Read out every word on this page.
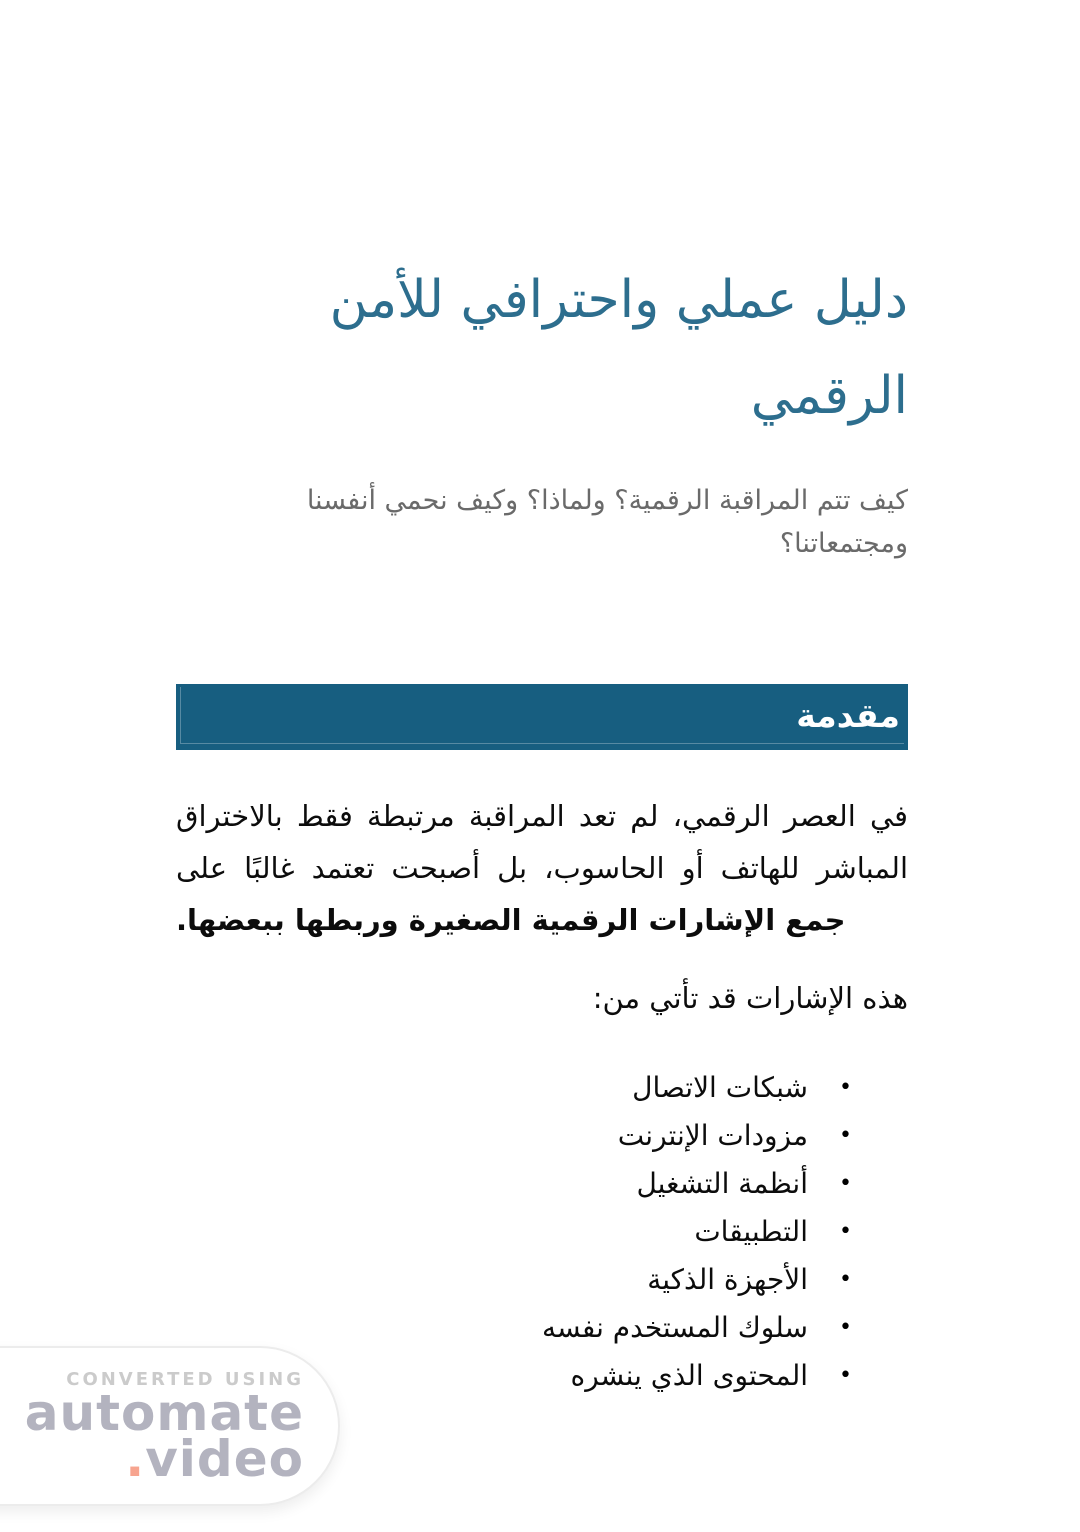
دليل عملي واحترافي للأمن
الرقمي
كيف تتم المراقبة الرقمية؟ ولماذا؟ وكيف نحمي أنفسنا ومجتمعاتنا؟
مقدمة

في العصر الرقمي، لم تعد المراقبة مرتبطة فقط بالاختراق المباشر للهاتف أو الحاسوب، بل أصبحت تعتمد غالبًا على جمع الإشارات الرقمية الصغيرة وربطها ببعضها.

هذه الإشارات قد تأتي من:

•
شبكات الاتصال
•
مزودات الإنترنت
•
أنظمة التشغيل
•
التطبيقات
•
الأجهزة الذكية
•
سلوك المستخدم نفسه
•
المحتوى الذي ينشره
CONVERTED USING
automate
.video
